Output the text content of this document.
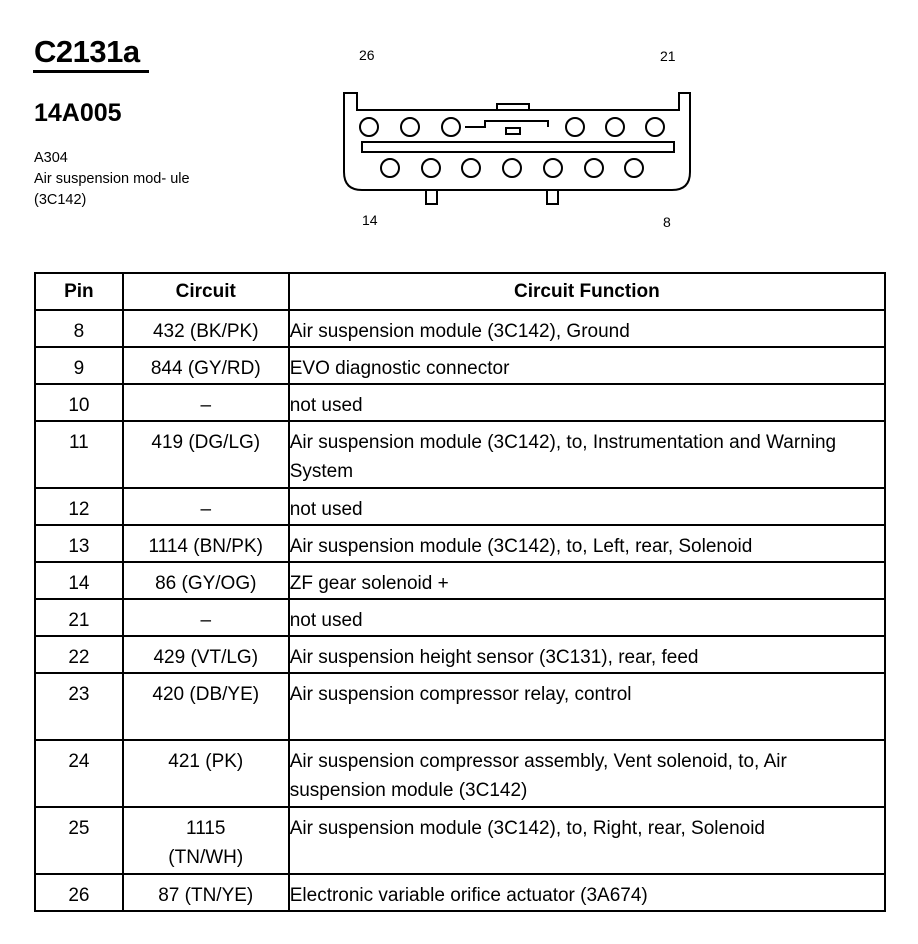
C2131a
14A005
A304
Air suspension mod- ule (3C142)
26	21
14	8
Pin	Circuit	Circuit Function
8	432 (BK/PK)	Air suspension module (3C142), Ground
9	844 (GY/RD)	EVO diagnostic connector
10	–	not used
11	419 (DG/LG)	Air suspension module (3C142), to, Instrumentation and Warning System
12	–	not used
13	1114 (BN/PK)	Air suspension module (3C142), to, Left, rear, Solenoid
14	86 (GY/OG)	ZF gear solenoid +
21	–	not used
22	429 (VT/LG)	Air suspension height sensor (3C131), rear, feed
23	420 (DB/YE)	Air suspension compressor relay, control
24	421 (PK)	Air suspension compressor assembly, Vent solenoid, to, Air suspension module (3C142)
25	1115 (TN/WH)	Air suspension module (3C142), to, Right, rear, Solenoid
26	87 (TN/YE)	Electronic variable orifice actuator (3A674)
